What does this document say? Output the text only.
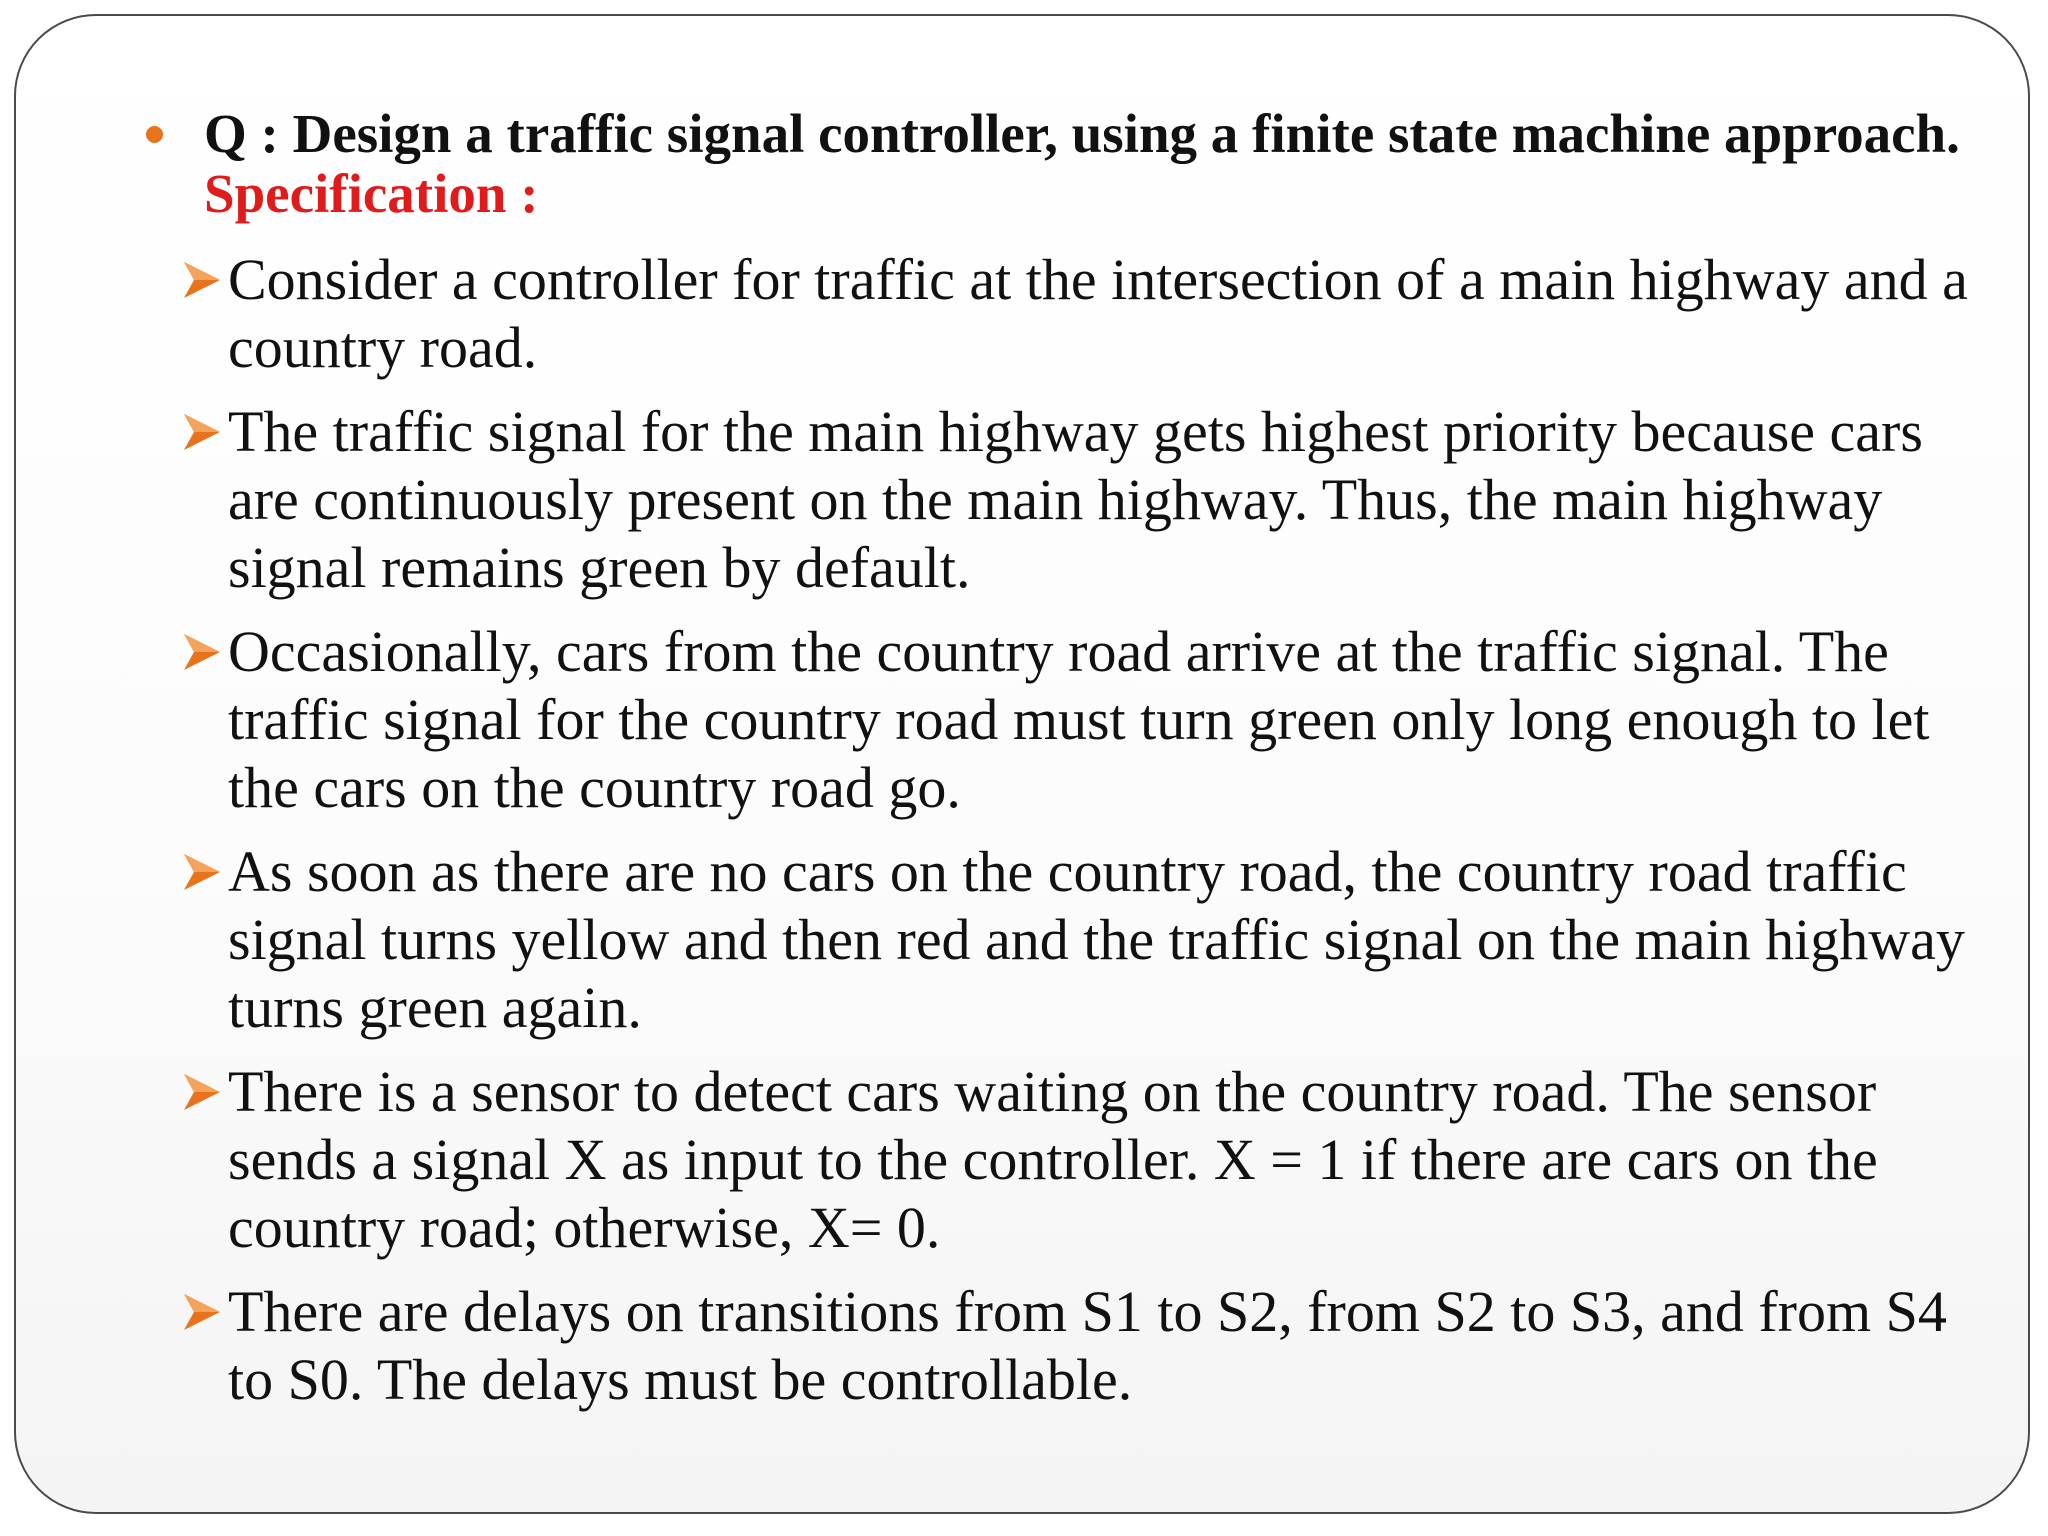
Q : Design a traffic signal controller, using a finite state machine approach. Specification :
Consider a controller for traffic at the intersection of a main highway and a country road.
The traffic signal for the main highway gets highest priority because cars are continuously present on the main highway. Thus, the main highway signal remains green by default.
Occasionally, cars from the country road arrive at the traffic signal. The traffic signal for the country road must turn green only long enough to let the cars on the country road go.
As soon as there are no cars on the country road, the country road traffic signal turns yellow and then red and the traffic signal on the main highway turns green again.
There is a sensor to detect cars waiting on the country road. The sensor sends a signal X as input to the controller. X = 1 if there are cars on the country road; otherwise, X= 0.
There are delays on transitions from S1 to S2, from S2 to S3, and from S4 to S0. The delays must be controllable.
